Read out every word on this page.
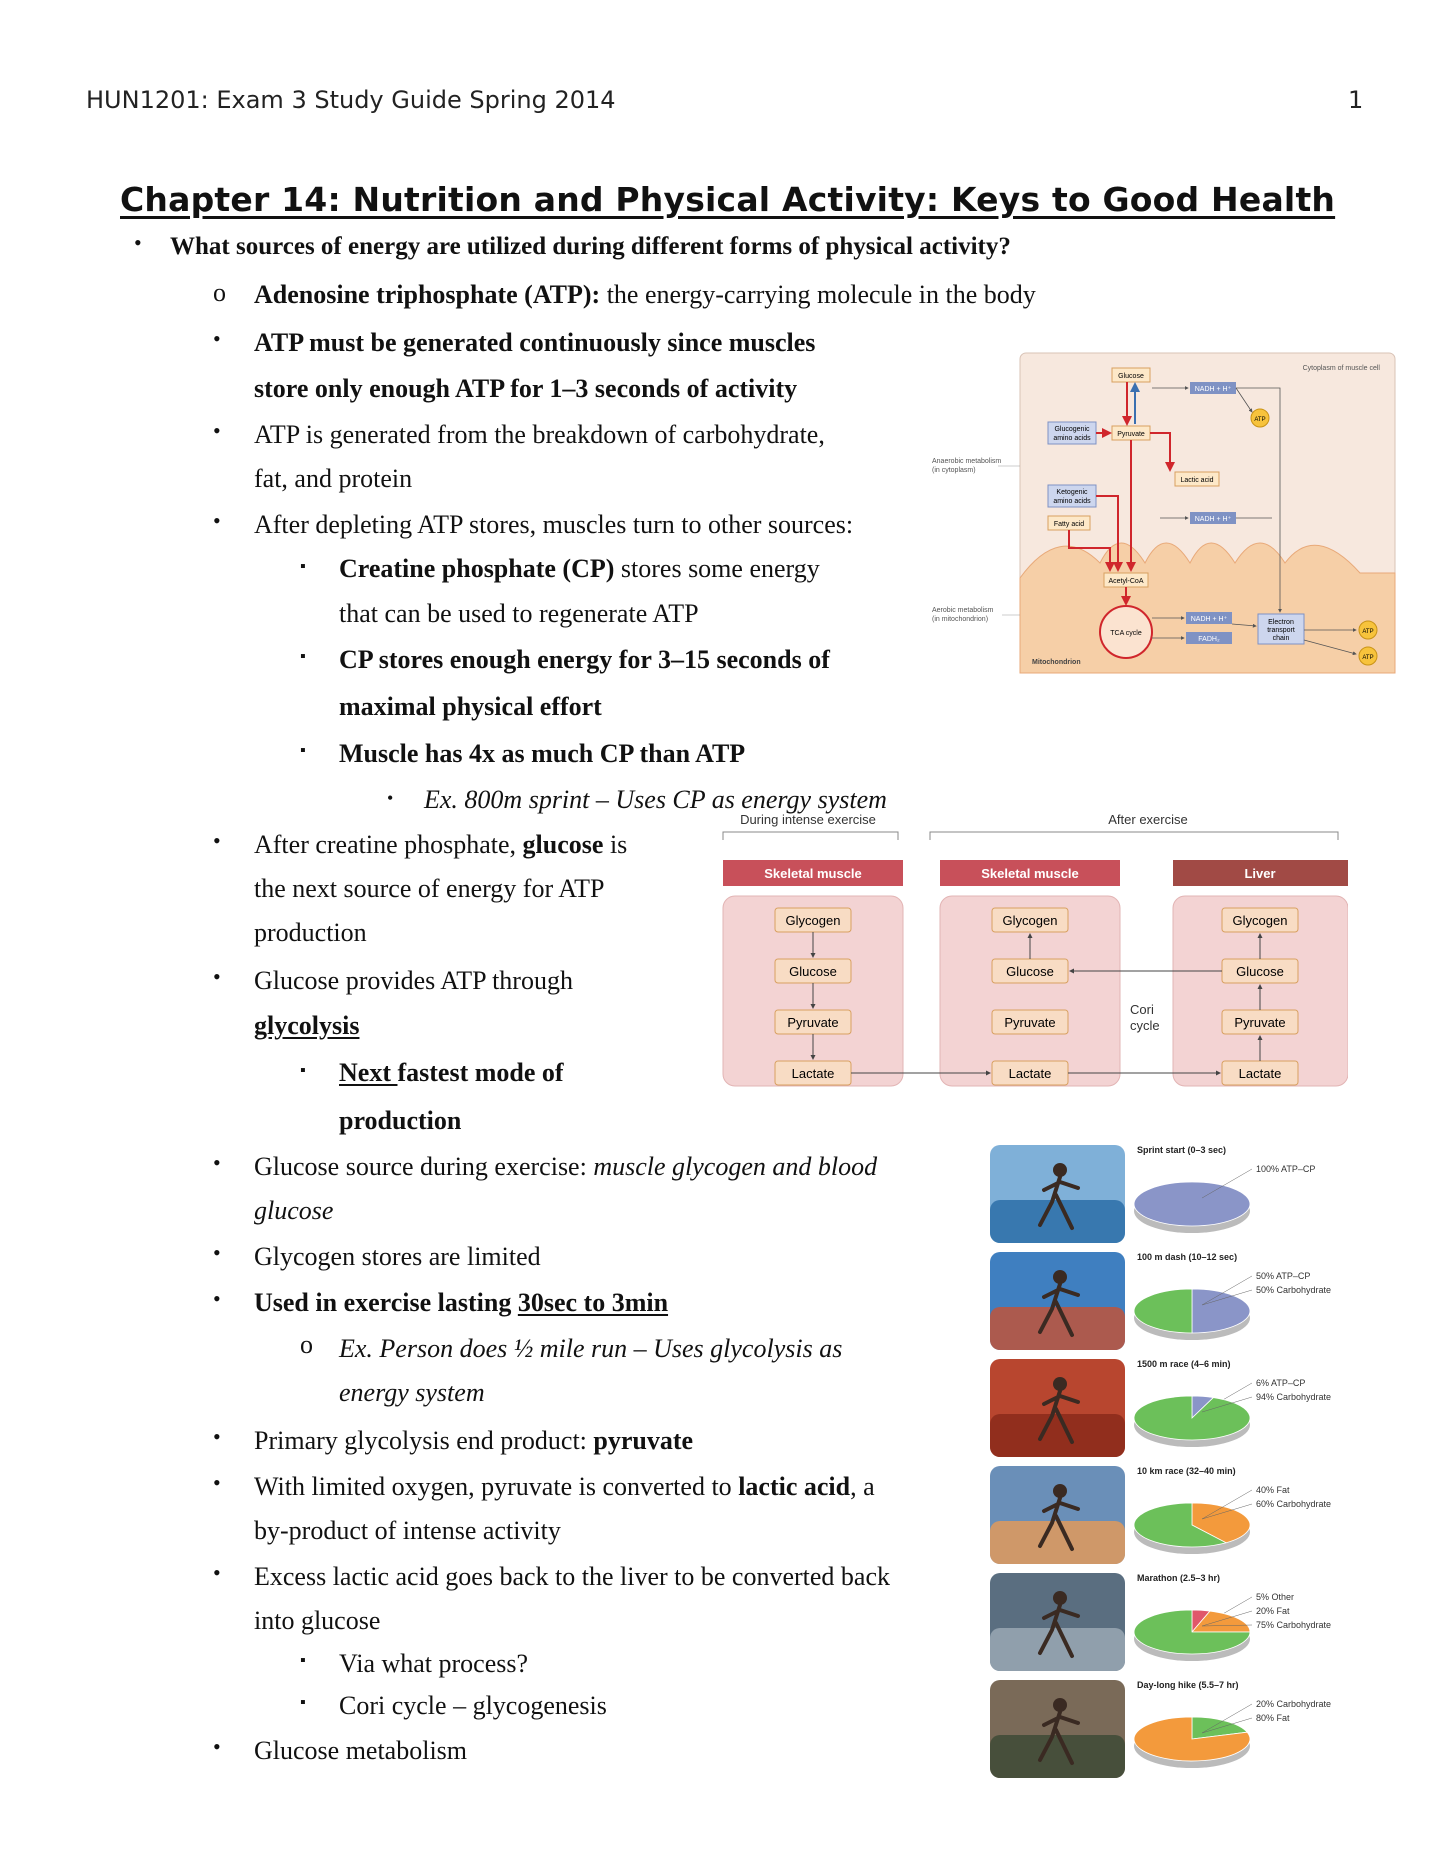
HUN1201: Exam 3 Study Guide Spring 2014	1
Chapter 14: Nutrition and Physical Activity: Keys to Good Health
• What sources of energy are utilized during different forms of physical activity?
o Adenosine triphosphate (ATP): the energy-carrying molecule in the body
• ATP must be generated continuously since muscles
store only enough ATP for 1–3 seconds of activity
• ATP is generated from the breakdown of carbohydrate,
fat, and protein
• After depleting ATP stores, muscles turn to other sources:
▪ Creatine phosphate (CP) stores some energy
that can be used to regenerate ATP
▪ CP stores enough energy for 3–15 seconds of
maximal physical effort
▪ Muscle has 4x as much CP than ATP
• Ex. 800m sprint – Uses CP as energy system
• After creatine phosphate, glucose is
the next source of energy for ATP
production
• Glucose provides ATP through
glycolysis
▪ Next fastest mode of
production
• Glucose source during exercise: muscle glycogen and blood
glucose
• Glycogen stores are limited
• Used in exercise lasting 30sec to 3min
o Ex. Person does ½ mile run – Uses glycolysis as
energy system
• Primary glycolysis end product: pyruvate
• With limited oxygen, pyruvate is converted to lactic acid, a
by-product of intense activity
• Excess lactic acid goes back to the liver to be converted back
into glucose
▪ Via what process?
▪ Cori cycle – glycogenesis
• Glucose metabolism
Cytoplasm of muscle cell
Anaerobic metabolism
(in cytoplasm)
Aerobic metabolism
(in mitochondrion)
Mitochondrion
Glucose
Glucogenic
amino acids
Pyruvate
Lactic acid
Ketogenic
amino acids
Fatty acid
Acetyl-CoA
TCA cycle
NADH + H⁺
NADH + H⁺
NADH + H⁺
FADH₂
Electron
transport
chain
ATP
ATP
ATP
During intense exercise	After exercise
Skeletal muscle
Glycogen
Glucose
Pyruvate
Lactate
Skeletal muscle
Glycogen
Glucose
Pyruvate
Lactate
Liver
Glycogen
Glucose
Pyruvate
Lactate
Cori
cycle
Sprint start (0–3 sec)
100% ATP–CP
100 m dash (10–12 sec)
50% ATP–CP
50% Carbohydrate
1500 m race (4–6 min)
6% ATP–CP
94% Carbohydrate
10 km race (32–40 min)
40% Fat
60% Carbohydrate
Marathon (2.5–3 hr)
5% Other
20% Fat
75% Carbohydrate
Day-long hike (5.5–7 hr)
20% Carbohydrate
80% Fat
